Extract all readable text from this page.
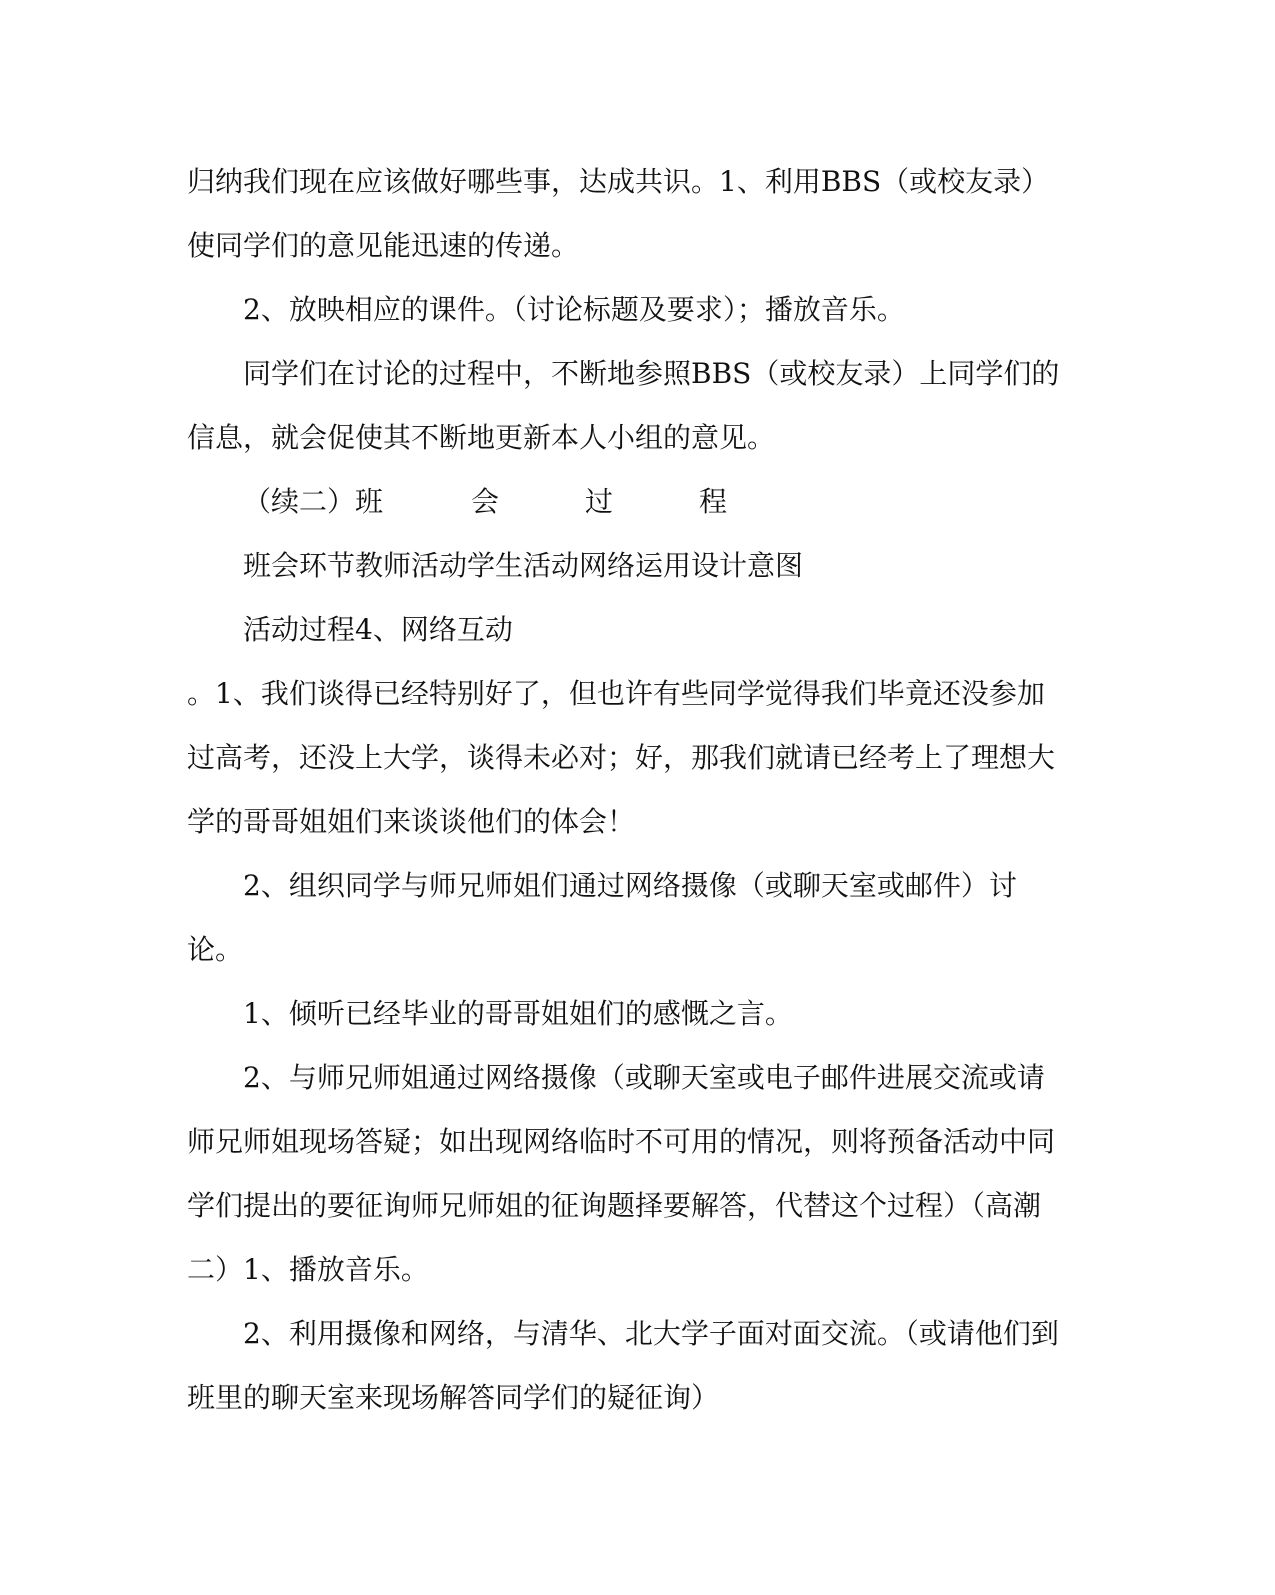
归纳我们现在应该做好哪些事，达成共识。1、利用BBS（或校友录）使同学们的意见能迅速的传递。

2、放映相应的课件。（讨论标题及要求）；播放音乐。

同学们在讨论的过程中，不断地参照BBS（或校友录）上同学们的信息，就会促使其不断地更新本人小组的意见。

（续二）班	会	过	程

班会环节教师活动学生活动网络运用设计意图

活动过程4、网络互动

。1、我们谈得已经特别好了，但也许有些同学觉得我们毕竟还没参加过高考，还没上大学，谈得未必对；好，那我们就请已经考上了理想大学的哥哥姐姐们来谈谈他们的体会！

2、组织同学与师兄师姐们通过网络摄像（或聊天室或邮件）讨论。

1、倾听已经毕业的哥哥姐姐们的感慨之言。

2、与师兄师姐通过网络摄像（或聊天室或电子邮件进展交流或请师兄师姐现场答疑；如出现网络临时不可用的情况，则将预备活动中同学们提出的要征询师兄师姐的征询题择要解答，代替这个过程）（高潮二）1、播放音乐。

2、利用摄像和网络，与清华、北大学子面对面交流。（或请他们到班里的聊天室来现场解答同学们的疑征询）
